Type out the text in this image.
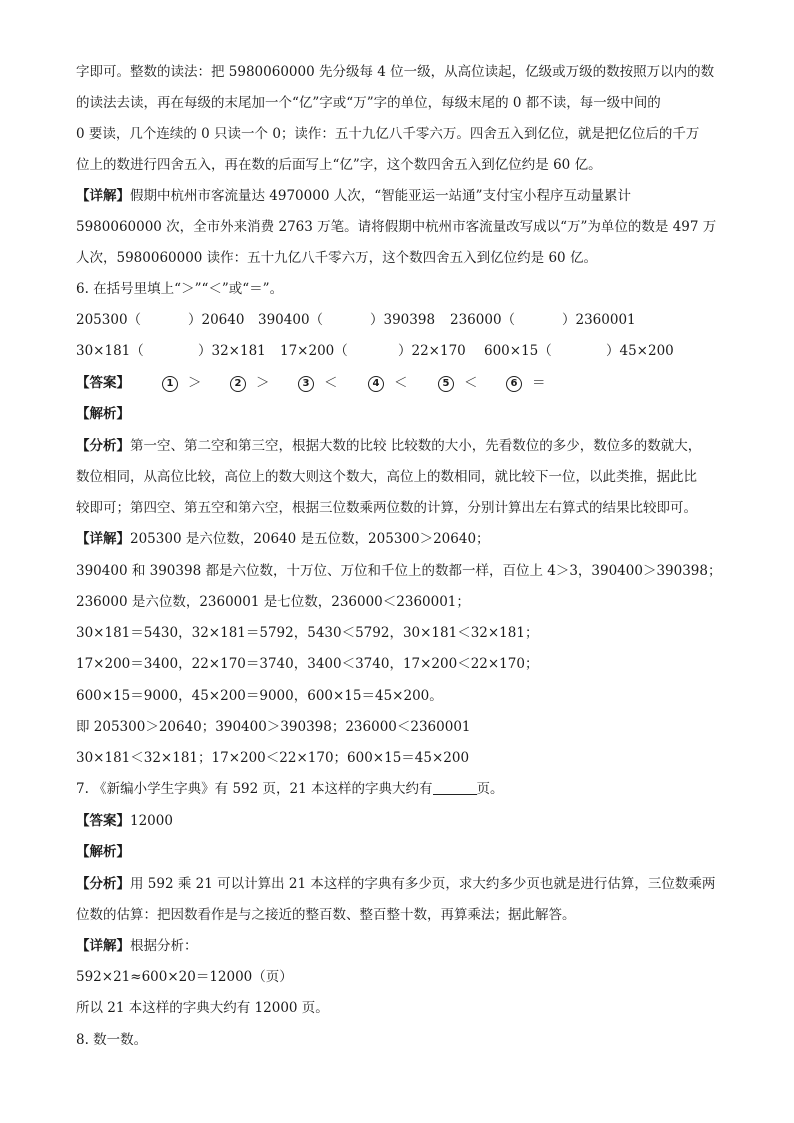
字即可。整数的读法：把 5980060000 先分级每 4 位一级，从高位读起，亿级或万级的数按照万以内的数
的读法去读，再在每级的末尾加一个“亿”字或“万”字的单位，每级末尾的 0 都不读，每一级中间的
0 要读，几个连续的 0 只读一个 0；读作：五十九亿八千零六万。四舍五入到亿位，就是把亿位后的千万
位上的数进行四舍五入，再在数的后面写上“亿”字，这个数四舍五入到亿位约是 60 亿。
【详解】假期中杭州市客流量达 4970000 人次，“智能亚运一站通”支付宝小程序互动量累计
5980060000 次，全市外来消费 2763 万笔。请将假期中杭州市客流量改写成以“万”为单位的数是 497 万
人次，5980060000 读作：五十九亿八千零六万，这个数四舍五入到亿位约是 60 亿。
6. 在括号里填上“＞”“＜”或“＝”。
205300（	）20640 390400（	）390398 236000（	）2360001
30×181（	）32×181 17×200（	）22×170 600×15（	）45×200
【答案】	1 ＞	2 ＞	3 ＜	4 ＜	5 ＜	6 ＝
【解析】
【分析】第一空、第二空和第三空，根据大数的比较 比较数的大小，先看数位的多少，数位多的数就大，
数位相同，从高位比较，高位上的数大则这个数大，高位上的数相同，就比较下一位，以此类推，据此比
较即可；第四空、第五空和第六空，根据三位数乘两位数的计算，分别计算出左右算式的结果比较即可。
【详解】205300 是六位数，20640 是五位数，205300＞20640；
390400 和 390398 都是六位数，十万位、万位和千位上的数都一样，百位上 4＞3，390400＞390398；
236000 是六位数，2360001 是七位数，236000＜2360001；
30×181＝5430，32×181＝5792，5430＜5792，30×181＜32×181；
17×200＝3400，22×170＝3740，3400＜3740，17×200＜22×170；
600×15＝9000，45×200＝9000，600×15＝45×200。
即 205300＞20640；390400＞390398；236000＜2360001
30×181＜32×181；17×200＜22×170；600×15＝45×200
7. 《新编小学生字典》有 592 页，21 本这样的字典大约有	页。
【答案】12000
【解析】
【分析】用 592 乘 21 可以计算出 21 本这样的字典有多少页，求大约多少页也就是进行估算，三位数乘两
位数的估算：把因数看作是与之接近的整百数、整百整十数，再算乘法；据此解答。
【详解】根据分析：
592×21≈600×20＝12000（页）
所以 21 本这样的字典大约有 12000 页。
8. 数一数。
